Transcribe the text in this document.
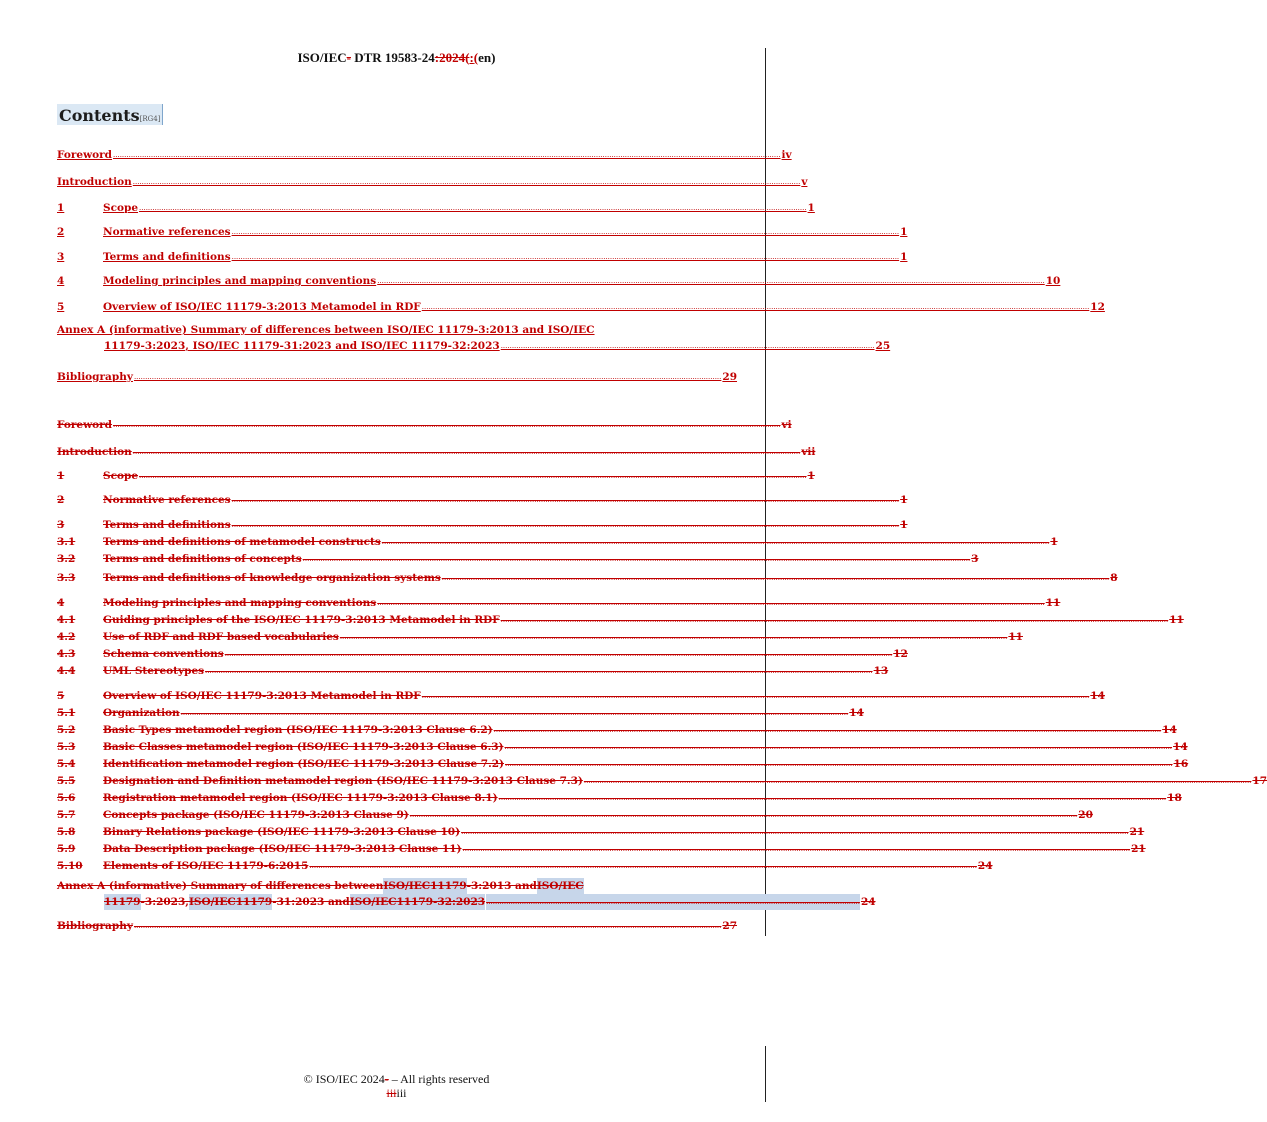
ISO/IEC- DTR 19583-24:2024(:(en)
Contents[RG4]
Foreword ............................................................................................................................................................................................................................................................................................................ iv
Introduction ............................................................................................................................................................................................................................................................................................................ v
1	Scope ............................................................................................................................................................................................................................................................................................................ 1
2	Normative references ............................................................................................................................................................................................................................................................................................................ 1
3	Terms and definitions ............................................................................................................................................................................................................................................................................................................ 1
4	Modeling principles and mapping conventions ............................................................................................................................................................................................................................................................................................................ 10
5	Overview of ISO/IEC 11179-3:2013 Metamodel in RDF ............................................................................................................................................................................................................................................................................................................ 12
Annex A (informative) Summary of differences between ISO/IEC 11179-3:2013 and ISO/IEC
11179-3:2023, ISO/IEC 11179-31:2023 and ISO/IEC 11179-32:2023 ........................................................................................................................................................................ 25
Bibliography ........................................................................................................................................................................................................................................................................ 29
Foreword ............................................................................................................................................................................................................................................................................................................ vi
Introduction ............................................................................................................................................................................................................................................................................................................ vii
1	Scope ............................................................................................................................................................................................................................................................................................................ 1
2	Normative references ............................................................................................................................................................................................................................................................................................................ 1
3	Terms and definitions ............................................................................................................................................................................................................................................................................................................ 1
3.1	Terms and definitions of metamodel constructs ............................................................................................................................................................................................................................................................................................................ 1
3.2	Terms and definitions of concepts ............................................................................................................................................................................................................................................................................................................ 3
3.3	Terms and definitions of knowledge organization systems ............................................................................................................................................................................................................................................................................................................ 8
4	Modeling principles and mapping conventions ............................................................................................................................................................................................................................................................................................................ 11
4.1	Guiding principles of the ISO/IEC 11179-3:2013 Metamodel in RDF ............................................................................................................................................................................................................................................................................................................ 11
4.2	Use of RDF and RDF based vocabularies ............................................................................................................................................................................................................................................................................................................ 11
4.3	Schema conventions ............................................................................................................................................................................................................................................................................................................ 12
4.4	UML Stereotypes ............................................................................................................................................................................................................................................................................................................ 13
5	Overview of ISO/IEC 11179-3:2013 Metamodel in RDF ............................................................................................................................................................................................................................................................................................................ 14
5.1	Organization ............................................................................................................................................................................................................................................................................................................ 14
5.2	Basic Types metamodel region (ISO/IEC 11179-3:2013 Clause 6.2) ............................................................................................................................................................................................................................................................................................................ 14
5.3	Basic Classes metamodel region (ISO/IEC 11179-3:2013 Clause 6.3) ............................................................................................................................................................................................................................................................................................................ 14
5.4	Identification metamodel region (ISO/IEC 11179-3:2013 Clause 7.2) ............................................................................................................................................................................................................................................................................................................ 16
5.5	Designation and Definition metamodel region (ISO/IEC 11179-3:2013 Clause 7.3) ............................................................................................................................................................................................................................................................................................................ 17
5.6	Registration metamodel region (ISO/IEC 11179-3:2013 Clause 8.1) ............................................................................................................................................................................................................................................................................................................ 18
5.7	Concepts package (ISO/IEC 11179-3:2013 Clause 9) ............................................................................................................................................................................................................................................................................................................ 20
5.8	Binary Relations package (ISO/IEC 11179-3:2013 Clause 10) ............................................................................................................................................................................................................................................................................................................ 21
5.9	Data Description package (ISO/IEC 11179-3:2013 Clause 11) ............................................................................................................................................................................................................................................................................................................ 21
5.10	Elements of ISO/IEC 11179-6:2015 ............................................................................................................................................................................................................................................................................................................ 24
Annex A (informative) Summary of differences between ISO/IEC 11179 -3:2013 and ISO/IEC
11179 -3:2023, ISO/IEC 11179 -31:2023 and ISO/IEC 11179 -32:2023 ........................................................................................................................................................................ 24
Bibliography ........................................................................................................................................................................................................................................................................ 27
© ISO/IEC 2024- – All rights reserved
iiiiii
